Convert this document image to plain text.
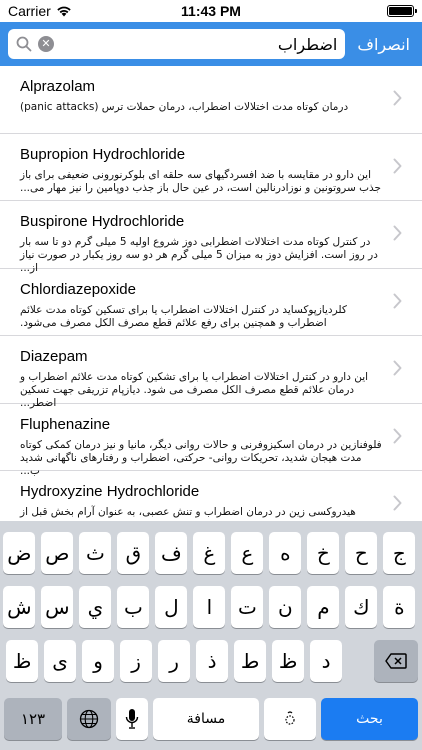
Carrier	11:43 PM
✕
اضطراب	انصراف
Alprazolam
درمان کوتاه مدت اختلالات اضطراب، درمان حملات ترس (panic attacks)
Bupropion Hydrochloride
این دارو در مقایسه با ضد افسردگیهای سه حلقه ای بلوکرنورونی ضعیفی برای باز جذب سروتونین و نوزادرنالین است، در عین حال باز جذب دوپامین را نیز مهار می...
Buspirone Hydrochloride
در کنترل کوتاه مدت اختلالات اضطرابی دوز شروع اولیه 5 میلی گرم دو تا سه بار در روز است. افزایش دوز به میزان 5 میلی گرم هر دو سه روز یکبار در صورت نیاز از...
Chlordiazepoxide
کلردیازپوکساید در کنترل اختلالات اضطراب یا برای تسکین کوتاه مدت علائم اضطراب و همچنین برای رفع علائم قطع مصرف الکل مصرف می‌شود.
Diazepam
این دارو در کنترل اختلالات اضطراب یا برای تشکین کوتاه مدت علائم اضطراب و درمان علائم قطع مصرف الکل مصرف می شود. دیازپام تزریقی جهت تسکین اضطر...
Fluphenazine
فلوفنازین در درمان اسکیزوفرنی و حالات روانی دیگر، مانیا و نیز درمان کمکی کوتاه مدت هیجان شدید، تحریکات روانی- حرکتی، اضطراب و رفتارهای ناگهانی شدید ب...
Hydroxyzine Hydrochloride
هیدروکسی زین در درمان اضطراب و تنش عصبی، به عنوان آرام بخش قبل از
ج
ح
خ
ه
ع
غ
ف
ق
ث
ص
ض
ة
ك
م
ن
ت
ا
ل
ب
ي
س
ش
د
ظ
ط
ذ
ر
ز
و
ى
ظ
١٢٣	مسافة	بحث
